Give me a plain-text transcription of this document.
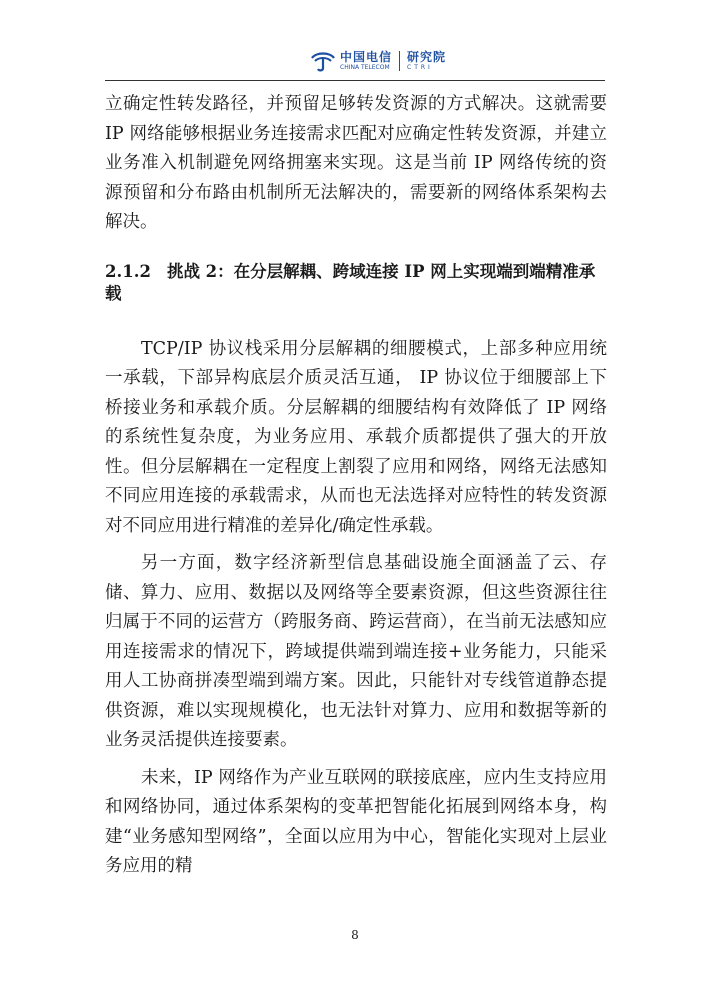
中国电信
CHINA TELECOM
研究院
CTRI

立确定性转发路径，并预留足够转发资源的方式解决。这就需要 IP 网络能够根据业务连接需求匹配对应确定性转发资源，并建立业务准入机制避免网络拥塞来实现。这是当前 IP 网络传统的资源预留和分布路由机制所无法解决的，需要新的网络体系架构去解决。

2.1.2 挑战 2：在分层解耦、跨域连接 IP 网上实现端到端精准承载

TCP/IP 协议栈采用分层解耦的细腰模式，上部多种应用统一承载，下部异构底层介质灵活互通， IP 协议位于细腰部上下桥接业务和承载介质。分层解耦的细腰结构有效降低了 IP 网络的系统性复杂度，为业务应用、承载介质都提供了强大的开放性。但分层解耦在一定程度上割裂了应用和网络，网络无法感知不同应用连接的承载需求，从而也无法选择对应特性的转发资源对不同应用进行精准的差异化/确定性承载。

另一方面，数字经济新型信息基础设施全面涵盖了云、存储、算力、应用、数据以及网络等全要素资源，但这些资源往往归属于不同的运营方（跨服务商、跨运营商），在当前无法感知应用连接需求的情况下，跨域提供端到端连接+业务能力，只能采用人工协商拼凑型端到端方案。因此，只能针对专线管道静态提供资源，难以实现规模化，也无法针对算力、应用和数据等新的业务灵活提供连接要素。

未来，IP 网络作为产业互联网的联接底座，应内生支持应用和网络协同，通过体系架构的变革把智能化拓展到网络本身，构建“业务感知型网络”，全面以应用为中心，智能化实现对上层业务应用的精

8
